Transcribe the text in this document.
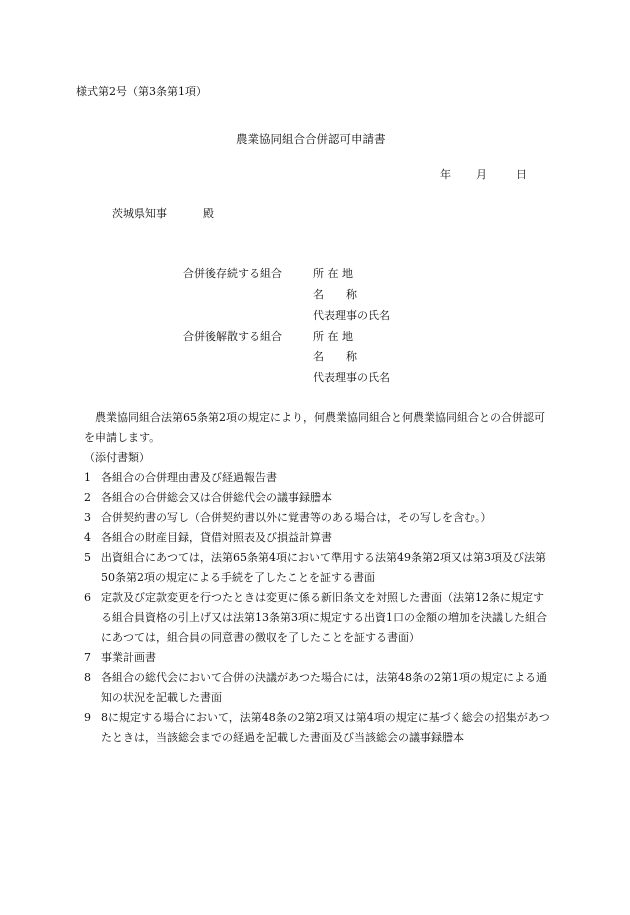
様式第2号（第3条第1項）
農業協同組合合併認可申請書
年 月	日
茨城県知事	殿
合併後存続する組合	所 在 地
名　　称
代表理事の氏名
合併後解散する組合	所 在 地
名　　称
代表理事の氏名

農業協同組合法第65条第2項の規定により，何農業協同組合と何農業協同組合との合併認可を申請します。

（添付書類）

1 各組合の合併理由書及び経過報告書

2 各組合の合併総会又は合併総代会の議事録謄本

3 合併契約書の写し（合併契約書以外に覚書等のある場合は，その写しを含む。）

4 各組合の財産目録，貸借対照表及び損益計算書

5 出資組合にあつては，法第65条第4項において準用する法第49条第2項又は第3項及び法第50条第2項の規定による手続を了したことを証する書面

6 定款及び定款変更を行つたときは変更に係る新旧条文を対照した書面（法第12条に規定する組合員資格の引上げ又は法第13条第3項に規定する出資1口の金額の増加を決議した組合にあつては，組合員の同意書の徴収を了したことを証する書面）

7 事業計画書

8 各組合の総代会において合併の決議があつた場合には，法第48条の2第1項の規定による通知の状況を記載した書面

9 8に規定する場合において，法第48条の2第2項又は第4項の規定に基づく総会の招集があつたときは，当該総会までの経過を記載した書面及び当該総会の議事録謄本
